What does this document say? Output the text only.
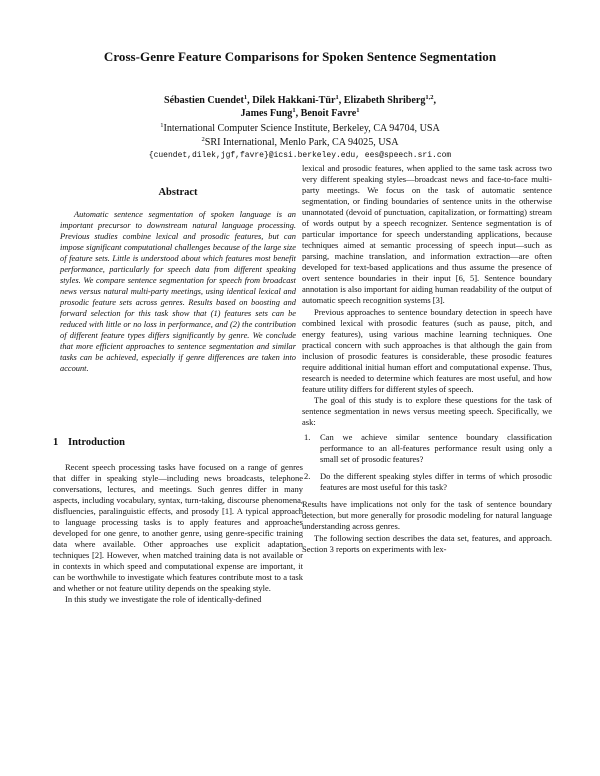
Cross-Genre Feature Comparisons for Spoken Sentence Segmentation
Sébastien Cuendet$^1$, Dilek Hakkani-Tür$^1$, Elizabeth Shriberg$^{1,2}$,
James Fung$^1$, Benoit Favre$^1$
$^1$International Computer Science Institute, Berkeley, CA 94704, USA
$^2$SRI International, Menlo Park, CA 94025, USA
{cuendet,dilek,jgf,favre}@icsi.berkeley.edu, ees@speech.sri.com
Abstract
Automatic sentence segmentation of spoken language is an important precursor to downstream natural language processing. Previous studies combine lexical and prosodic features, but can impose significant computational challenges because of the large size of feature sets. Little is understood about which features most benefit performance, particularly for speech data from different speaking styles. We compare sentence segmentation for speech from broadcast news versus natural multi-party meetings, using identical lexical and prosodic feature sets across genres. Results based on boosting and forward selection for this task show that (1) features sets can be reduced with little or no loss in performance, and (2) the contribution of different feature types differs significantly by genre. We conclude that more efficient approaches to sentence segmentation and similar tasks can be achieved, especially if genre differences are taken into account.
1 Introduction

Recent speech processing tasks have focused on a range of genres that differ in speaking style—including news broadcasts, telephone conversations, lectures, and meetings. Such genres differ in many aspects, including vocabulary, syntax, turn-taking, discourse phenomena, disfluencies, paralinguistic effects, and prosody [1]. A typical approach to language processing tasks is to apply features and approaches developed for one genre, to another genre, using genre-specific training data where available. Other approaches use explicit adaptation techniques [2]. However, when matched training data is not available or in contexts in which speed and computational expense are important, it can be worthwhile to investigate which features contribute most to a task and whether or not feature utility depends on the speaking style.

In this study we investigate the role of identically-defined

lexical and prosodic features, when applied to the same task across two very different speaking styles—broadcast news and face-to-face multi-party meetings. We focus on the task of automatic sentence segmentation, or finding boundaries of sentence units in the otherwise unannotated (devoid of punctuation, capitalization, or formatting) stream of words output by a speech recognizer. Sentence segmentation is of particular importance for speech understanding applications, because techniques aimed at semantic processing of speech input—such as parsing, machine translation, and information extraction—are often developed for text-based applications and thus assume the presence of overt sentence boundaries in their input [6, 5]. Sentence boundary annotation is also important for aiding human readability of the output of automatic speech recognition systems [3].

Previous approaches to sentence boundary detection in speech have combined lexical with prosodic features (such as pause, pitch, and energy features), using various machine learning techniques. One practical concern with such approaches is that although the gain from inclusion of prosodic features is considerable, these prosodic features require additional initial human effort and computational expense. Thus, research is needed to determine which features are most useful, and how feature utility differs for different styles of speech.

The goal of this study is to explore these questions for the task of sentence segmentation in news versus meeting speech. Specifically, we ask:

1. Can we achieve similar sentence boundary classification performance to an all-features performance result using only a small set of prosodic features?
2. Do the different speaking styles differ in terms of which prosodic features are most useful for this task?

Results have implications not only for the task of sentence boundary detection, but more generally for prosodic modeling for natural language understanding across genres.

The following section describes the data set, features, and approach. Section 3 reports on experiments with lex-
